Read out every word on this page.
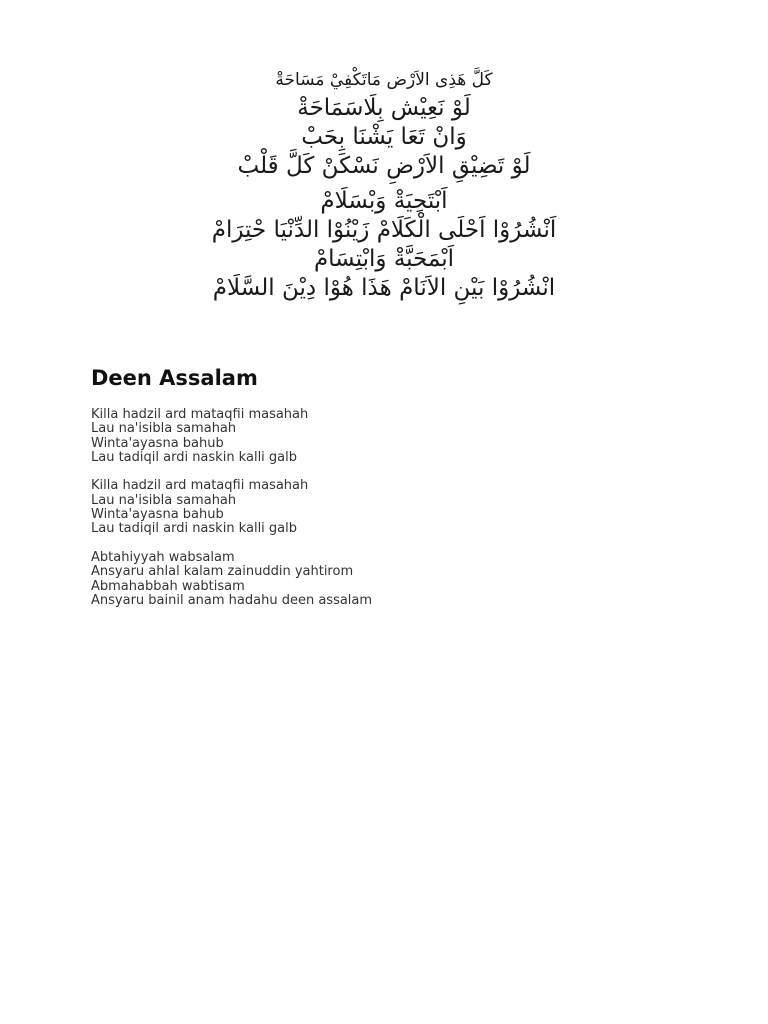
كَلَّ هَذِى الاَرْض مَاتَكْفِيْ مَسَاحَةْ
لَوْ نَعِيْش بِلَاسَمَاحَةْ
وَانْ تَعَا يَشْنَا بِحَبْ
لَوْ تَضِيْقِ الاَرْضِ نَسْكَنْ كَلَّ قَلْبْ
اَبْتَحِيَةْ وَبْسَلَامْ
اَنْشُرُوْا اَحْلَى الْكَلَامْ زَيْنُوْا الدِّنْيَا حْتِرَامْ
اَبْمَحَبَّةْ وَابْتِسَامْ
انْشُرُوْا بَيْنِ الاَنَامْ هَذَا هُوْا دِيْنَ السَّلَامْ
Deen Assalam
Killa hadzil ard mataqfii masahah
Lau na'isibla samahah
Winta'ayasna bahub
Lau tadiqil ardi naskin kalli galb
Killa hadzil ard mataqfii masahah
Lau na'isibla samahah
Winta'ayasna bahub
Lau tadiqil ardi naskin kalli galb
Abtahiyyah wabsalam
Ansyaru ahlal kalam zainuddin yahtirom
Abmahabbah wabtisam
Ansyaru bainil anam hadahu deen assalam
